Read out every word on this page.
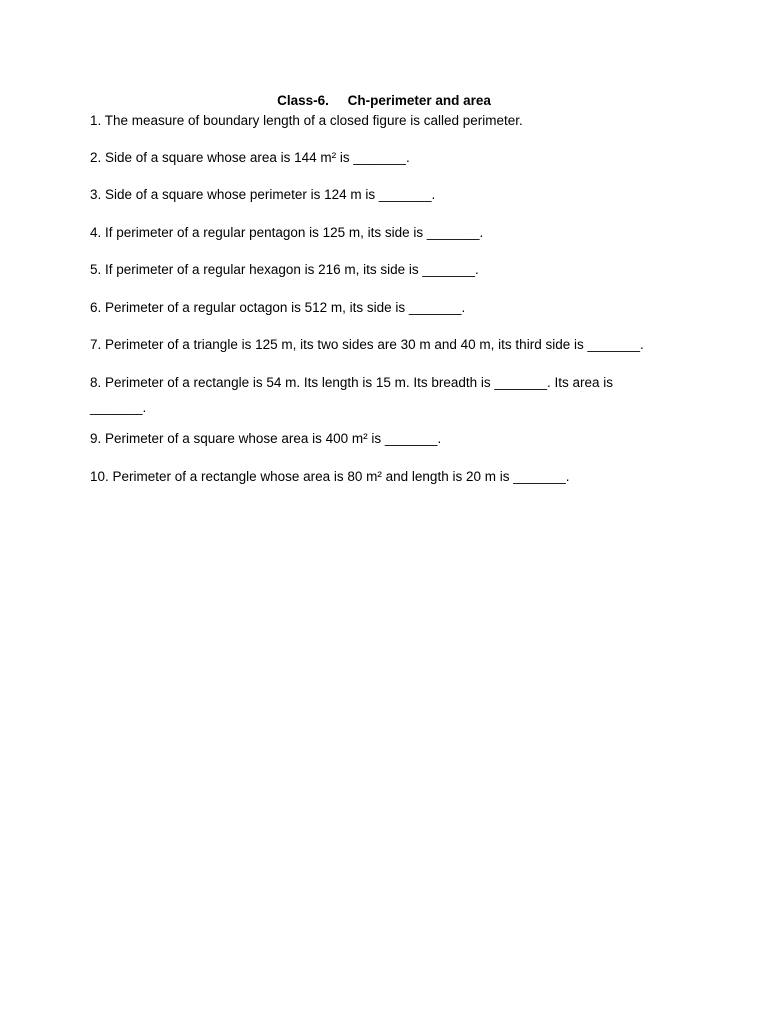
Class-6.     Ch-perimeter and area
1. The measure of boundary length of a closed figure is called perimeter.
2. Side of a square whose area is 144 m² is _______.
3. Side of a square whose perimeter is 124 m is _______.
4. If perimeter of a regular pentagon is 125 m, its side is _______.
5. If perimeter of a regular hexagon is 216 m, its side is _______.
6. Perimeter of a regular octagon is 512 m, its side is _______.
7. Perimeter of a triangle is 125 m, its two sides are 30 m and 40 m, its third side is _______.
8. Perimeter of a rectangle is 54 m. Its length is 15 m. Its breadth is _______. Its area is _______.
9. Perimeter of a square whose area is 400 m² is _______.
10. Perimeter of a rectangle whose area is 80 m² and length is 20 m is _______.
